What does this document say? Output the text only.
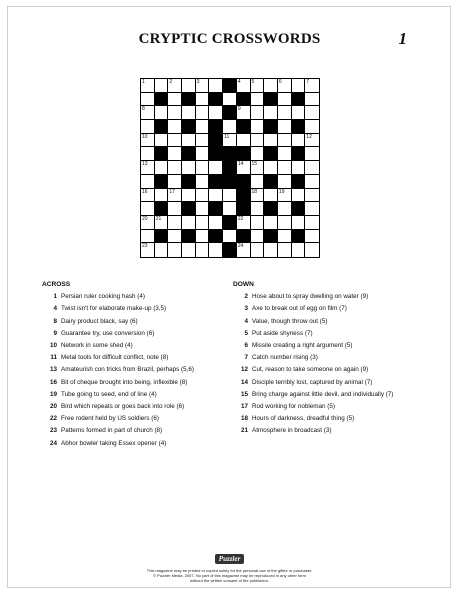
CRYPTIC CROSSWORDS	1
1	2	3	4 5	6	7
8	9
10	11	12
13	14 15
16	17	18	19
20 21	22
23	24
ACROSS
1 Persian ruler cooking hash (4)
4 Twist isn't for elaborate make-up (3,5)
8 Dairy product black, say (6)
9 Guarantee try, use conversion (6)
10 Network in some shed (4)
11 Metal tools for difficult conflict, note (8)
13 Amateurish con tricks from Brazil, perhaps (5,6)
16 Bit of cheque brought into being, inflexible (8)
19 Tube going to seed, end of line (4)
20 Bird which repeats or goes back into role (6)
22 Free rodent held by US soldiers (6)
23 Patterns formed in part of church (8)
24 Abhor bowler taking Essex opener (4)
DOWN
2 Hose about to spray dwelling on water (9)
3 Axe to break out of egg on film (7)
4 Value, though throw out (5)
5 Put aside shyness (7)
6 Missile creating a right argument (5)
7 Catch number rising (3)
12 Cut, reason to take someone on again (9)
14 Disciple terribly lost, captured by animal (7)
15 Bring charge against little devil, and individually (7)
17 Rod working for nobleman (5)
18 Hours of darkness, dreadful thing (5)
21 Atmosphere in broadcast (3)
Puzzler
This magazine may be printed or copied solely for the personal use of the giftee or purchaser.
© Puzzler Media, 2007. No part of this magazine may be reproduced in any other form
without the written consent of the publishers.
